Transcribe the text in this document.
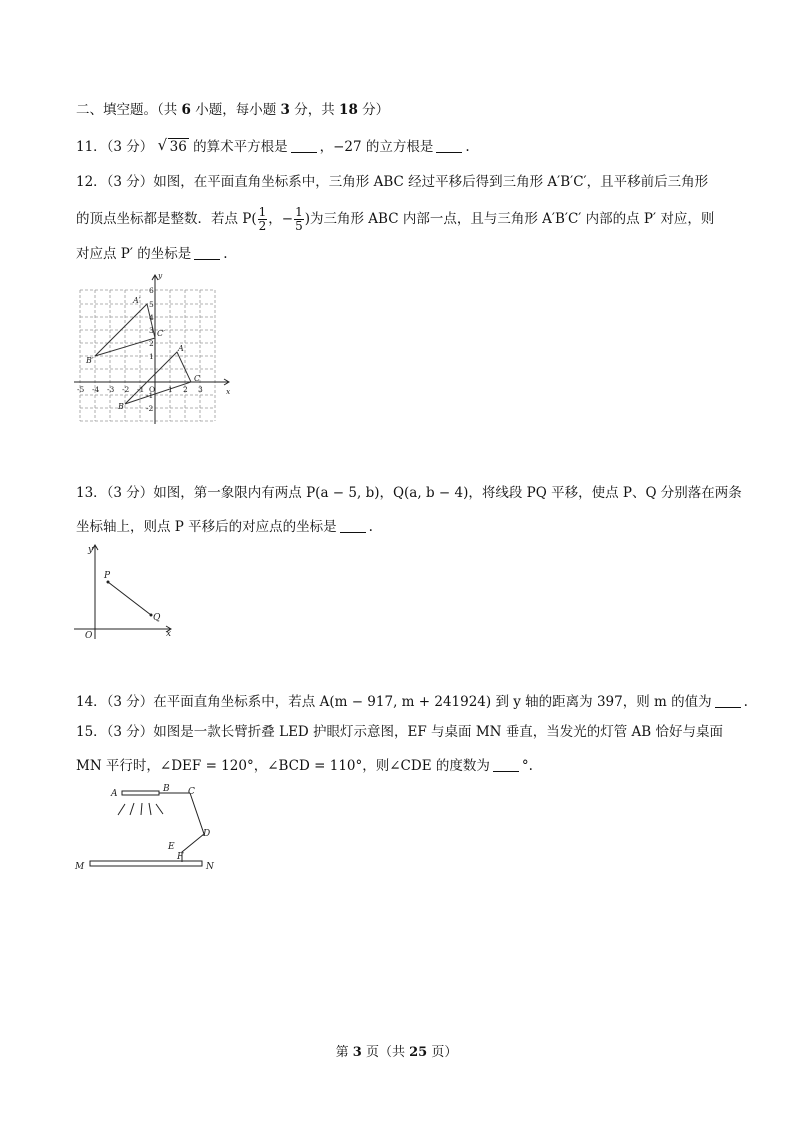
二、填空题。（共 6 小题，每小题 3 分，共 18 分）
11．（3 分） √ 36 的算术平方根是 ，−27 的立方根是 .
12．（3 分）如图，在平面直角坐标系中，三角形 ABC 经过平移后得到三角形 A′B′C′，且平移前后三角形
的顶点坐标都是整数．若点 $P( \frac{1}{2}$ ，− $\frac{1}{5}$ )为三角形 ABC 内部一点，且与三角形 A′B′C′ 内部的点 P′ 对应，则
对应点 P′ 的坐标是 .
-5 -4 -3 -2 -1 O 1 2 3	x
y
6
5
4
3
2
1
-1
-2
A′
B′
C′
A
B
C
13．（3 分）如图，第一象限内有两点 P(a − 5, b)，Q(a, b − 4)，将线段 PQ 平移，使点 P、Q 分别落在两条
坐标轴上，则点 P 平移后的对应点的坐标是 .
P
Q
O	x
y
14．（3 分）在平面直角坐标系中，若点 A(m − 917, m + 241924) 到 y 轴的距离为 397，则 m 的值为 .
15．（3 分）如图是一款长臂折叠 LED 护眼灯示意图，EF 与桌面 MN 垂直，当发光的灯管 AB 恰好与桌面
MN 平行时，∠DEF = 120°，∠BCD = 110°，则∠CDE 的度数为 °.
A	B C
D
E
F
M	N
第 3 页（共 25 页）
